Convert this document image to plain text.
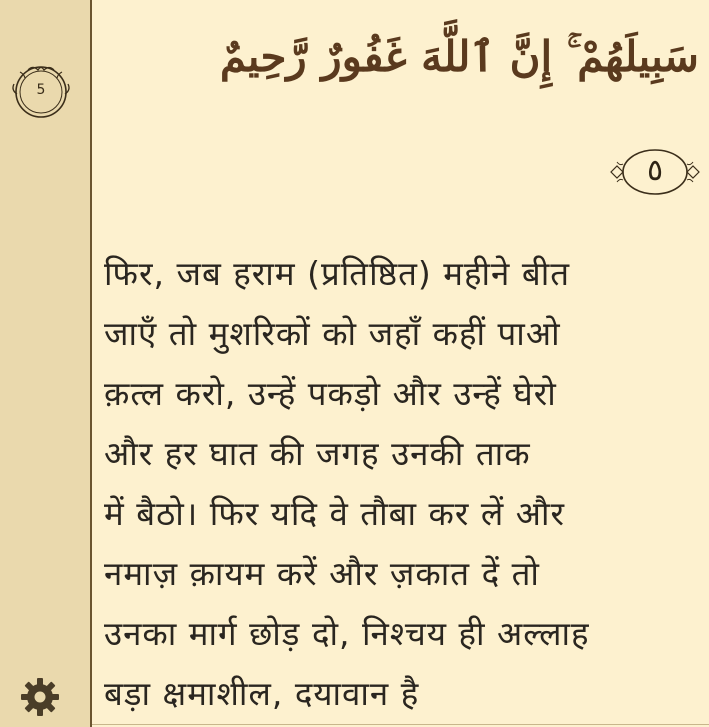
5
سَبِيلَهُمْ ۚ إِنَّ ٱللَّهَ غَفُورٌ رَّحِيمٌ
٥
फिर, जब हराम (प्रतिष्ठित) महीने बीत
जाएँ तो मुशरिकों को जहाँ कहीं पाओ
क़त्ल करो, उन्हें पकड़ो और उन्हें घेरो
और हर घात की जगह उनकी ताक
में बैठो। फिर यदि वे तौबा कर लें और
नमाज़ क़ायम करें और ज़कात दें तो
उनका मार्ग छोड़ दो, निश्चय ही अल्लाह
बड़ा क्षमाशील, दयावान है
